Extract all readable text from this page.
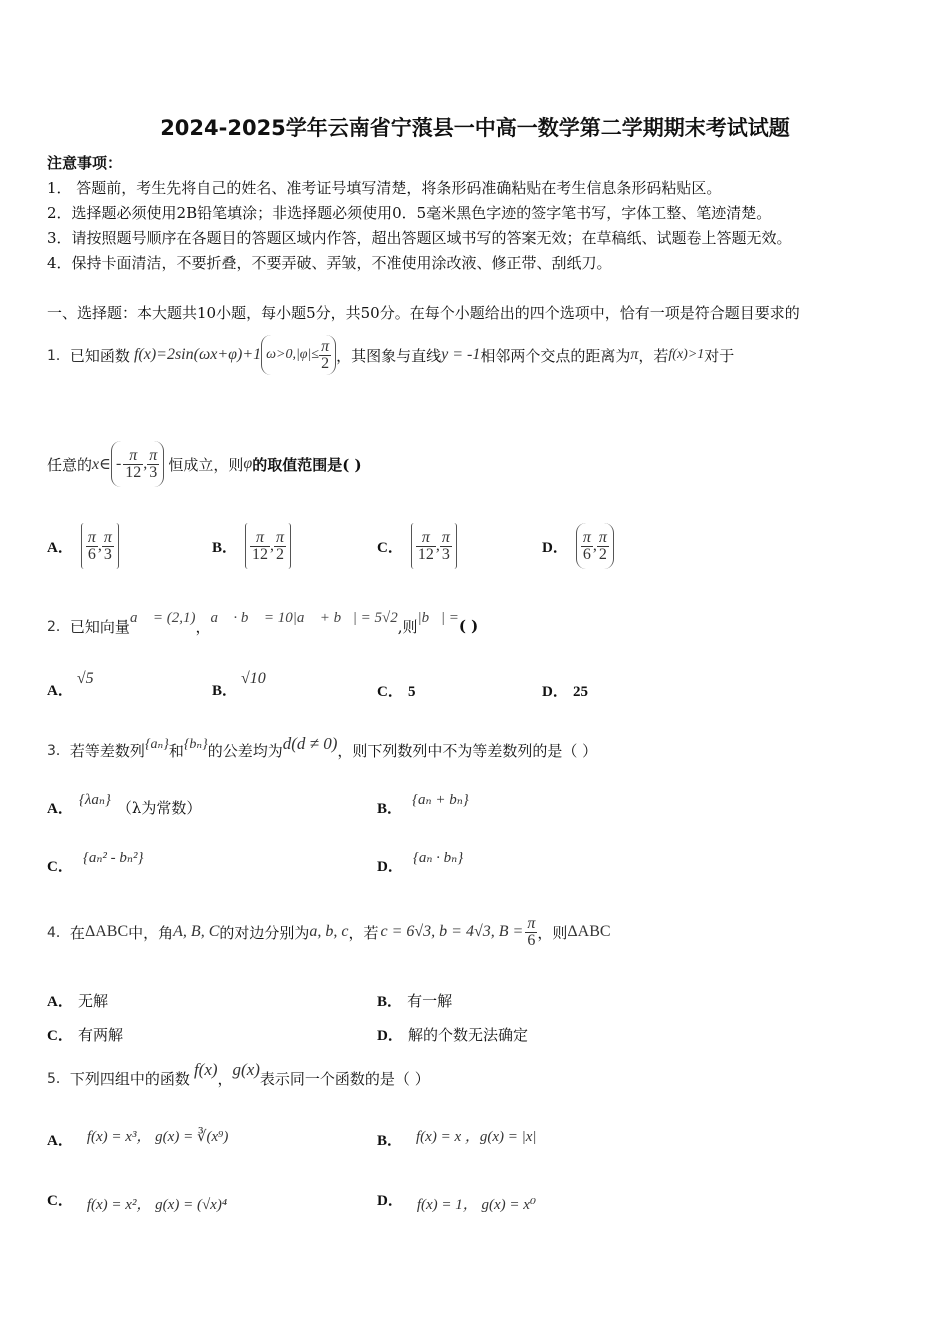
2024-2025学年云南省宁蒗县一中高一数学第二学期期末考试试题
注意事项：
1． 答题前，考生先将自己的姓名、准考证号填写清楚，将条形码准确粘贴在考生信息条形码粘贴区。
2．选择题必须使用2B铅笔填涂；非选择题必须使用0．5毫米黑色字迹的签字笔书写，字体工整、笔迹清楚。
3．请按照题号顺序在各题目的答题区域内作答，超出答题区域书写的答案无效；在草稿纸、试题卷上答题无效。
4．保持卡面清洁，不要折叠，不要弄破、弄皱，不准使用涂改液、修正带、刮纸刀。
一、选择题：本大题共10小题，每小题5分，共50分。在每个小题给出的四个选项中，恰有一项是符合题目要求的
1． 已知函数 f(x)=2sin(ωx+φ)+1 $\omega>0,|\varphi|\le \frac{\pi}{2}$ ，其图象与直线 y = -1 相邻两个交点的距离为 π ，若 f(x)>1 对于
任意的 x∈ - $\frac{\pi}{12}$ , $\frac{\pi}{3}$ 恒成立，则 φ 的取值范围是( )
A． $\frac{\pi}{6}$ , $\frac{\pi}{3}$	B． $\frac{\pi}{12}$ , $\frac{\pi}{2}$	C． $\frac{\pi}{12}$ , $\frac{\pi}{3}$	D． $\frac{\pi}{6}$ , $\frac{\pi}{2}$
2． 已知向量 a⃗ = (2,1) ， a⃗ · b⃗ = 10 |a⃗ + b⃗| = 5√2 ,则 |b⃗| = ( )
A．
√5
B．
√10
C． 5	D． 25
3． 若等差数列 {aₙ} 和 {bₙ} 的公差均为 d(d ≠ 0) ，则下列数列中不为等差数列的是（ ）
A．
{λaₙ} （λ为常数）	B．
{aₙ + bₙ}
C．
{aₙ² - bₙ²}
D．
{aₙ · bₙ}
4． 在 ΔABC 中，角 A, B, C 的对边分别为 a, b, c ，若 c = 6√3, b = 4√3, $B = \frac{\pi}{6}$ ，则 ΔABC
A． 无解	B． 有一解
C． 有两解	D． 解的个数无法确定
5． 下列四组中的函数 f(x) ， g(x) 表示同一个函数的是（ ）
A． f(x) = x³， g(x) = ∛(x⁹)	B． f(x) = x ，g(x) = |x|
C． f(x) = x²， g(x) = (√x)⁴	D． f(x) = 1， g(x) = x⁰
